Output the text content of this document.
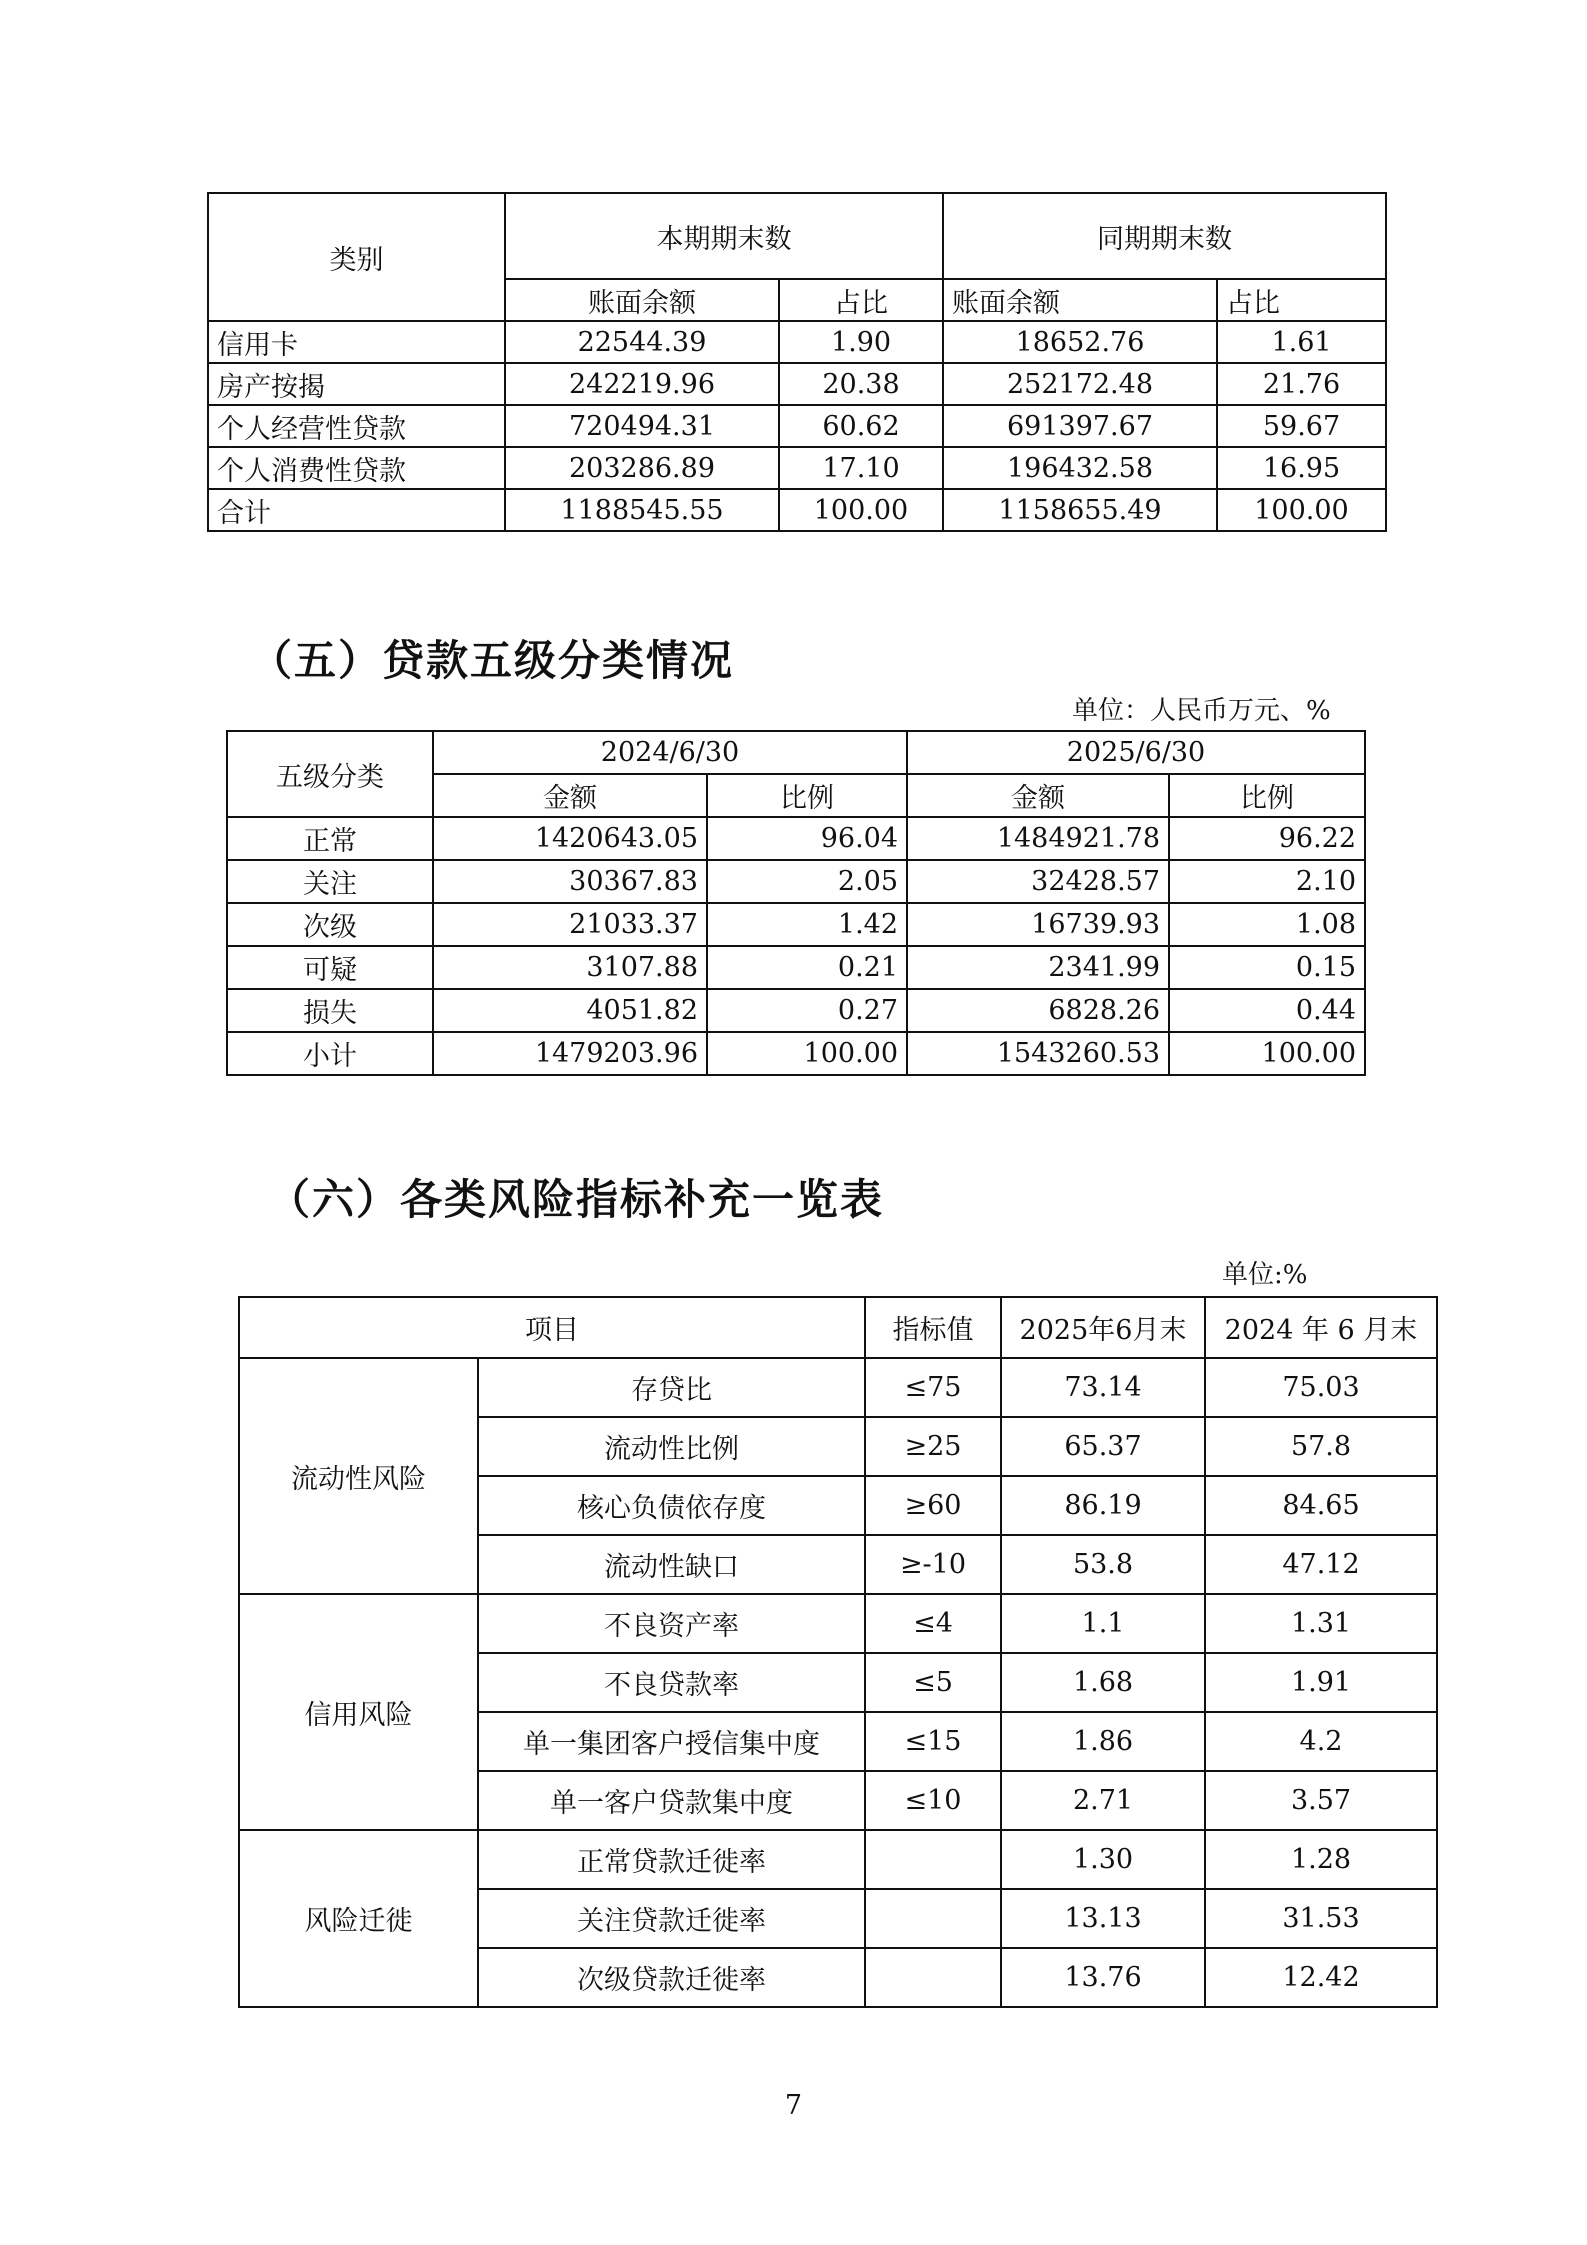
类别	本期期末数		同期期末数	
	账面余额	占比	账面余额	占比
信用卡	22544.39	1.90	18652.76	1.61
房产按揭	242219.96	20.38	252172.48	21.76
个人经营性贷款	720494.31	60.62	691397.67	59.67
个人消费性贷款	203286.89	17.10	196432.58	16.95
合计	1188545.55	100.00	1158655.49	100.00
（五）贷款五级分类情况
单位：人民币万元、%
五级分类	2024/6/30		2025/6/30	
	金额	比例	金额	比例
正常	1420643.05	96.04	1484921.78	96.22
关注	30367.83	2.05	32428.57	2.10
次级	21033.37	1.42	16739.93	1.08
可疑	3107.88	0.21	2341.99	0.15
损失	4051.82	0.27	6828.26	0.44
小计	1479203.96	100.00	1543260.53	100.00
（六）各类风险指标补充一览表
单位:%
项目		指标值	2025年6月末	2024 年 6 月末
流动性风险	存贷比	≤75	73.14	75.03
	流动性比例	≥25	65.37	57.8
	核心负债依存度	≥60	86.19	84.65
	流动性缺口	≥-10	53.8	47.12
信用风险	不良资产率	≤4	1.1	1.31
	不良贷款率	≤5	1.68	1.91
	单一集团客户授信集中度	≤15	1.86	4.2
	单一客户贷款集中度	≤10	2.71	3.57
风险迁徙	正常贷款迁徙率		1.30	1.28
	关注贷款迁徙率		13.13	31.53
	次级贷款迁徙率		13.76	12.42
7
